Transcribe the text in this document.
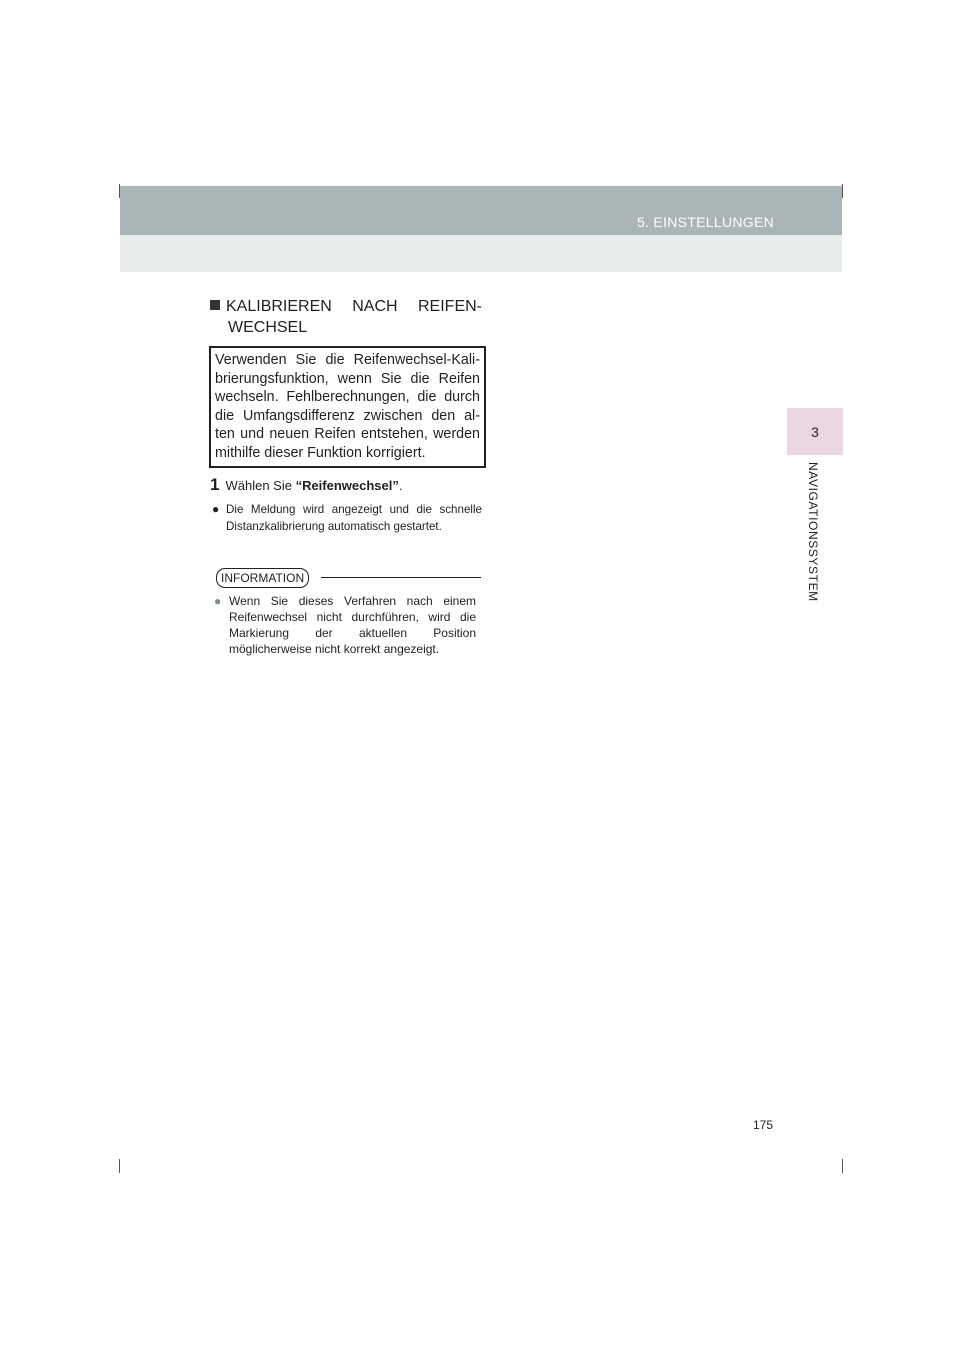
5. EINSTELLUNGEN
3
NAVIGATIONSSYSTEM
KALIBRIEREN NACH REIFEN-
WECHSEL
Verwenden Sie die Reifenwechsel-Kali-brierungsfunktion, wenn Sie die Reifen wechseln. Fehlberechnungen, die durch die Umfangsdifferenz zwischen den al-ten und neuen Reifen entstehen, werden mithilfe dieser Funktion korrigiert.
1 Wählen Sie “Reifenwechsel”.
● Die Meldung wird angezeigt und die schnelle Distanzkalibrierung automatisch gestartet.
INFORMATION
● Wenn Sie dieses Verfahren nach einem Reifenwechsel nicht durchführen, wird die Markierung der aktuellen Position möglicherweise nicht korrekt angezeigt.
175
